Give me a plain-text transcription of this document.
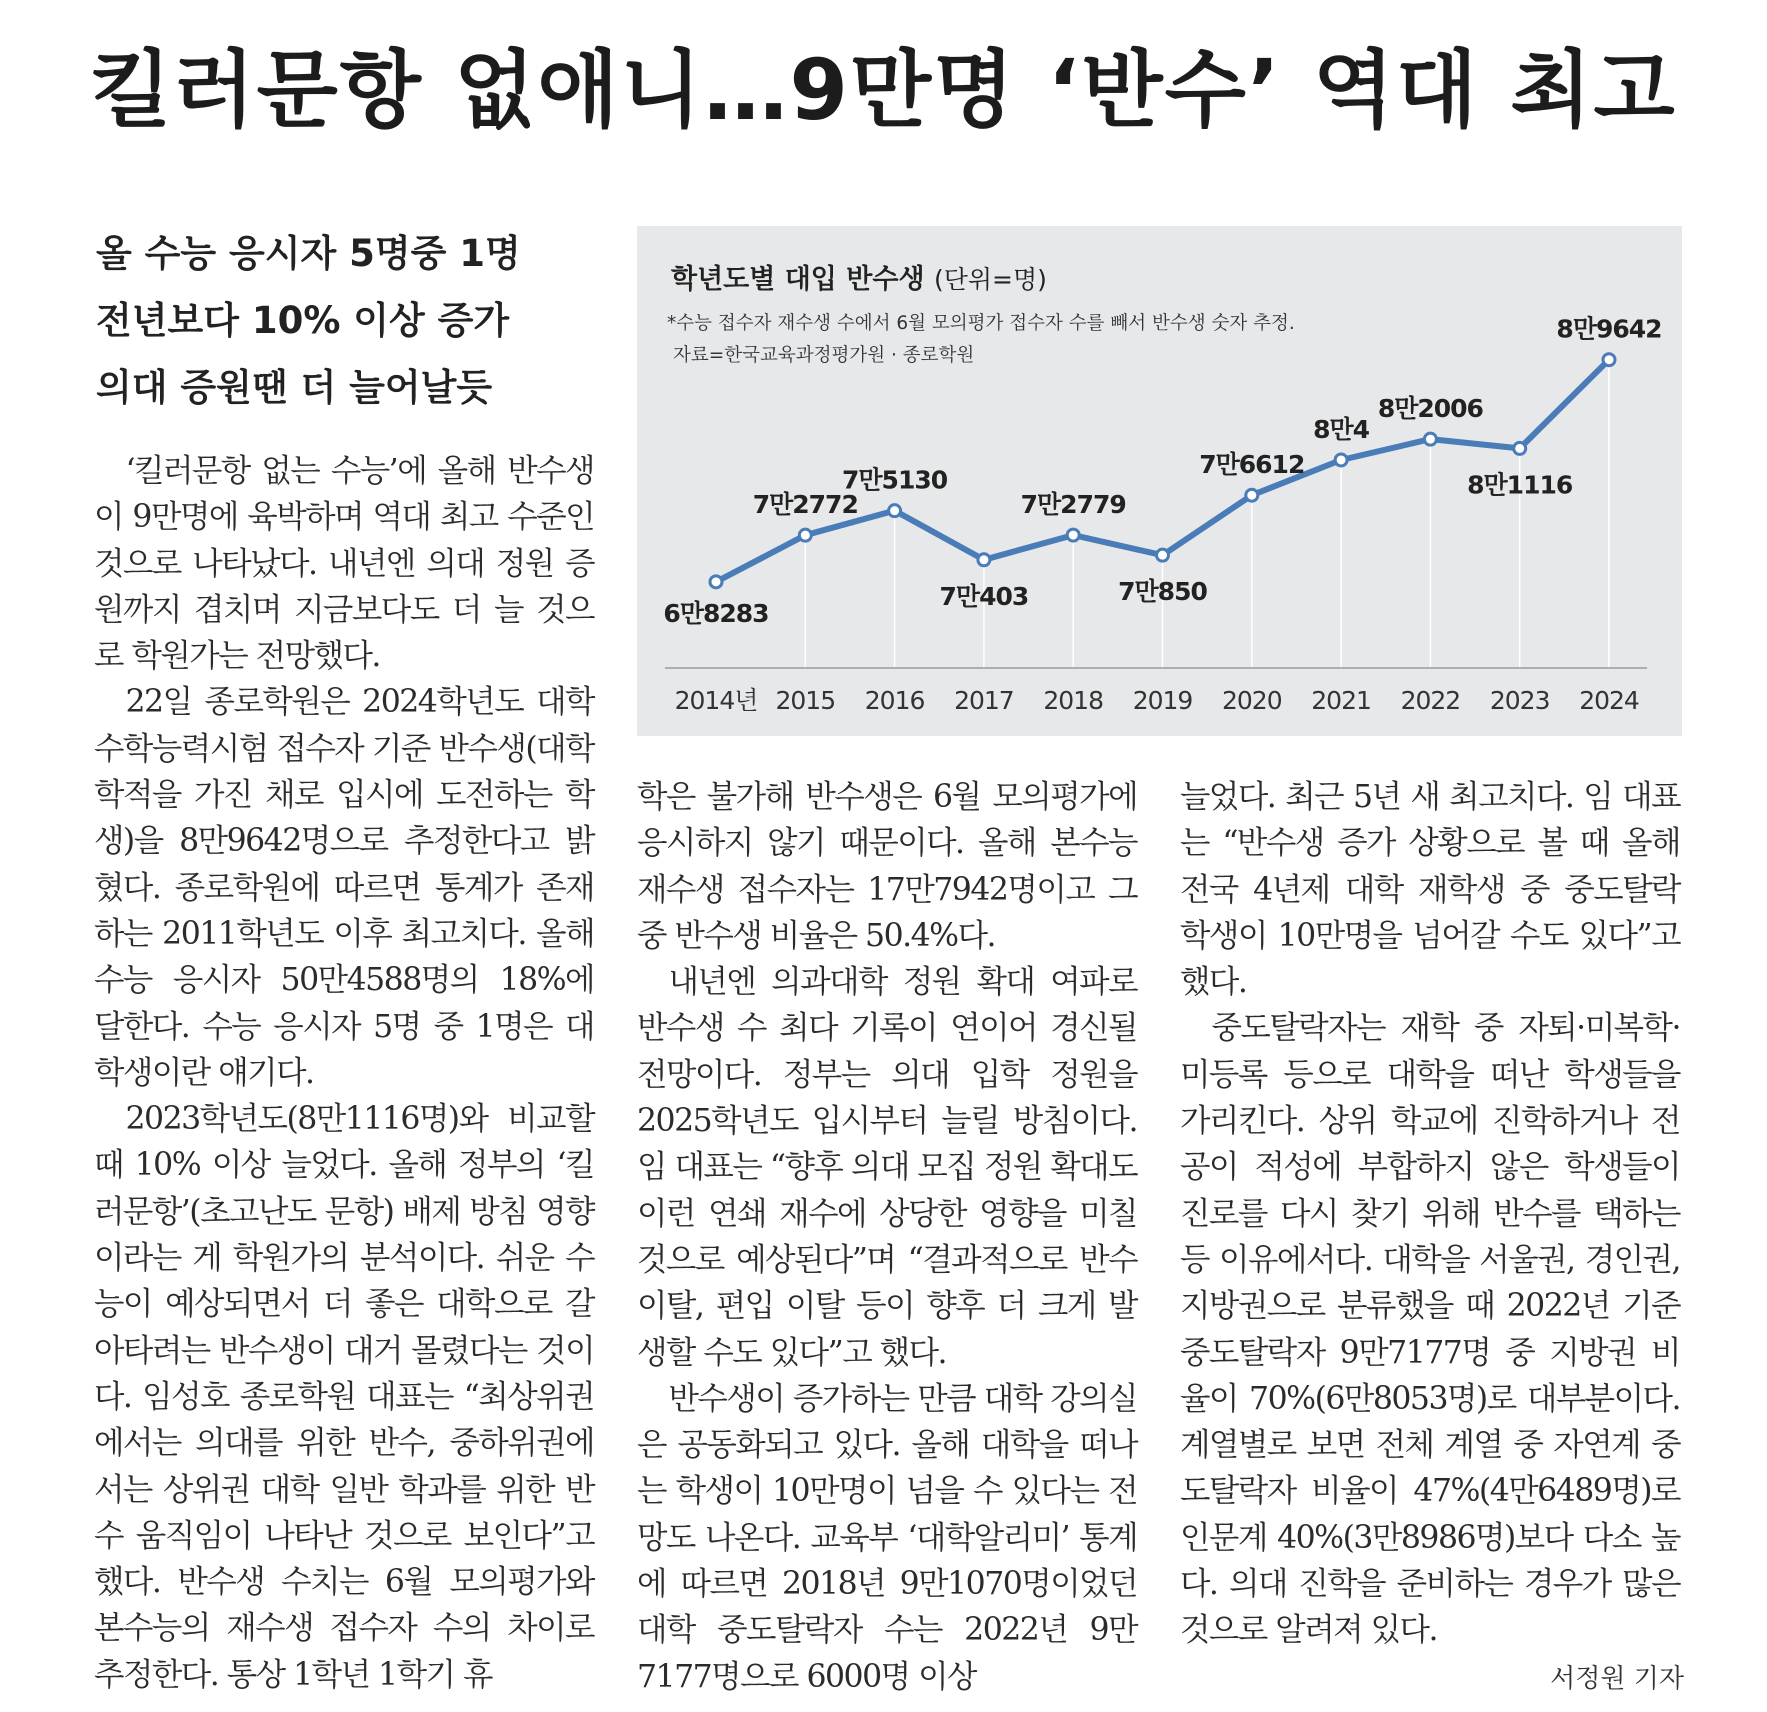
킬러문항 없애니…9만명 ‘반수’ 역대 최고
올 수능 응시자 5명중 1명
전년보다 10% 이상 증가
의대 증원땐 더 늘어날듯
학년도별 대입 반수생 (단위=명)
*수능 접수자 재수생 수에서 6월 모의평가 접수자 수를 빼서 반수생 숫자 추정.
자료=한국교육과정평가원 · 종로학원
6만8283
7만2772
7만5130
7만403
7만2779
7만850
7만6612
8만4
8만2006
8만1116
8만9642
2014년 2015 2016 2017 2018 2019 2020 2021 2022 2023 2024

‘킬러문항 없는 수능’에 올해 반수생이 9만명에 육박하며 역대 최고 수준인 것으로 나타났다. 내년엔 의대 정원 증원까지 겹치며 지금보다도 더 늘 것으로 학원가는 전망했다.

22일 종로학원은 2024학년도 대학수학능력시험 접수자 기준 반수생(대학 학적을 가진 채로 입시에 도전하는 학생)을 8만9642명으로 추정한다고 밝혔다. 종로학원에 따르면 통계가 존재하는 2011학년도 이후 최고치다. 올해 수능 응시자 50만4588명의 18%에 달한다. 수능 응시자 5명 중 1명은 대학생이란 얘기다.

2023학년도(8만1116명)와 비교할 때 10% 이상 늘었다. 올해 정부의 ‘킬러문항’(초고난도 문항) 배제 방침 영향이라는 게 학원가의 분석이다. 쉬운 수능이 예상되면서 더 좋은 대학으로 갈아타려는 반수생이 대거 몰렸다는 것이다. 임성호 종로학원 대표는 “최상위권에서는 의대를 위한 반수, 중하위권에서는 상위권 대학 일반 학과를 위한 반수 움직임이 나타난 것으로 보인다”고 했다. 반수생 수치는 6월 모의평가와 본수능의 재수생 접수자 수의 차이로 추정한다. 통상 1학년 1학기 휴

학은 불가해 반수생은 6월 모의평가에 응시하지 않기 때문이다. 올해 본수능 재수생 접수자는 17만7942명이고 그 중 반수생 비율은 50.4%다.

내년엔 의과대학 정원 확대 여파로 반수생 수 최다 기록이 연이어 경신될 전망이다. 정부는 의대 입학 정원을 2025학년도 입시부터 늘릴 방침이다. 임 대표는 “향후 의대 모집 정원 확대도 이런 연쇄 재수에 상당한 영향을 미칠 것으로 예상된다”며 “결과적으로 반수 이탈, 편입 이탈 등이 향후 더 크게 발생할 수도 있다”고 했다.

반수생이 증가하는 만큼 대학 강의실은 공동화되고 있다. 올해 대학을 떠나는 학생이 10만명이 넘을 수 있다는 전망도 나온다. 교육부 ‘대학알리미’ 통계에 따르면 2018년 9만1070명이었던 대학 중도탈락자 수는 2022년 9만7177명으로 6000명 이상

늘었다. 최근 5년 새 최고치다. 임 대표는 “반수생 증가 상황으로 볼 때 올해 전국 4년제 대학 재학생 중 중도탈락 학생이 10만명을 넘어갈 수도 있다”고 했다.

중도탈락자는 재학 중 자퇴·미복학·미등록 등으로 대학을 떠난 학생들을 가리킨다. 상위 학교에 진학하거나 전공이 적성에 부합하지 않은 학생들이 진로를 다시 찾기 위해 반수를 택하는 등 이유에서다. 대학을 서울권, 경인권, 지방권으로 분류했을 때 2022년 기준 중도탈락자 9만7177명 중 지방권 비율이 70%(6만8053명)로 대부분이다. 계열별로 보면 전체 계열 중 자연계 중도탈락자 비율이 47%(4만6489명)로 인문계 40%(3만8986명)보다 다소 높다. 의대 진학을 준비하는 경우가 많은 것으로 알려져 있다.

서정원 기자
